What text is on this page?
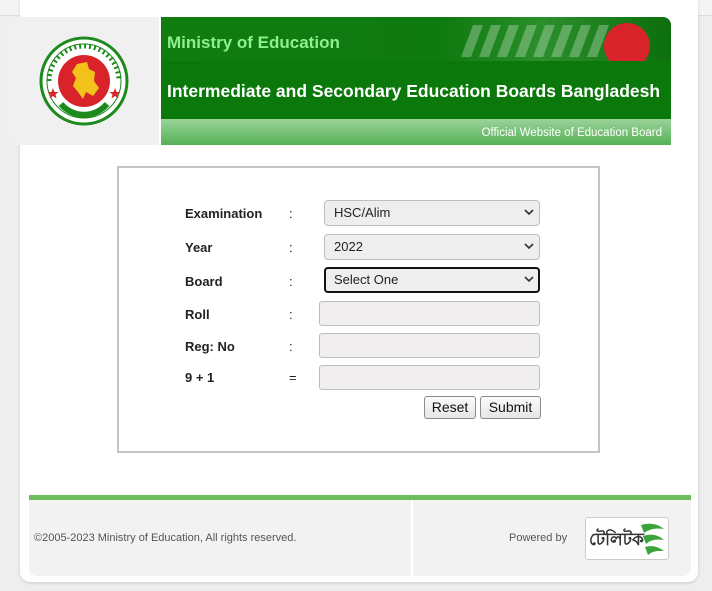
Ministry of Education
Intermediate and Secondary Education Boards Bangladesh
Official Website of Education Board
Examination :	HSC/Alim
Year	:	2022
Board	:	Select One
Roll	:
Reg: No	:
9 + 1	=
Reset	Submit
©2005-2023 Ministry of Education, All rights reserved.	Powered by টেলিটক
